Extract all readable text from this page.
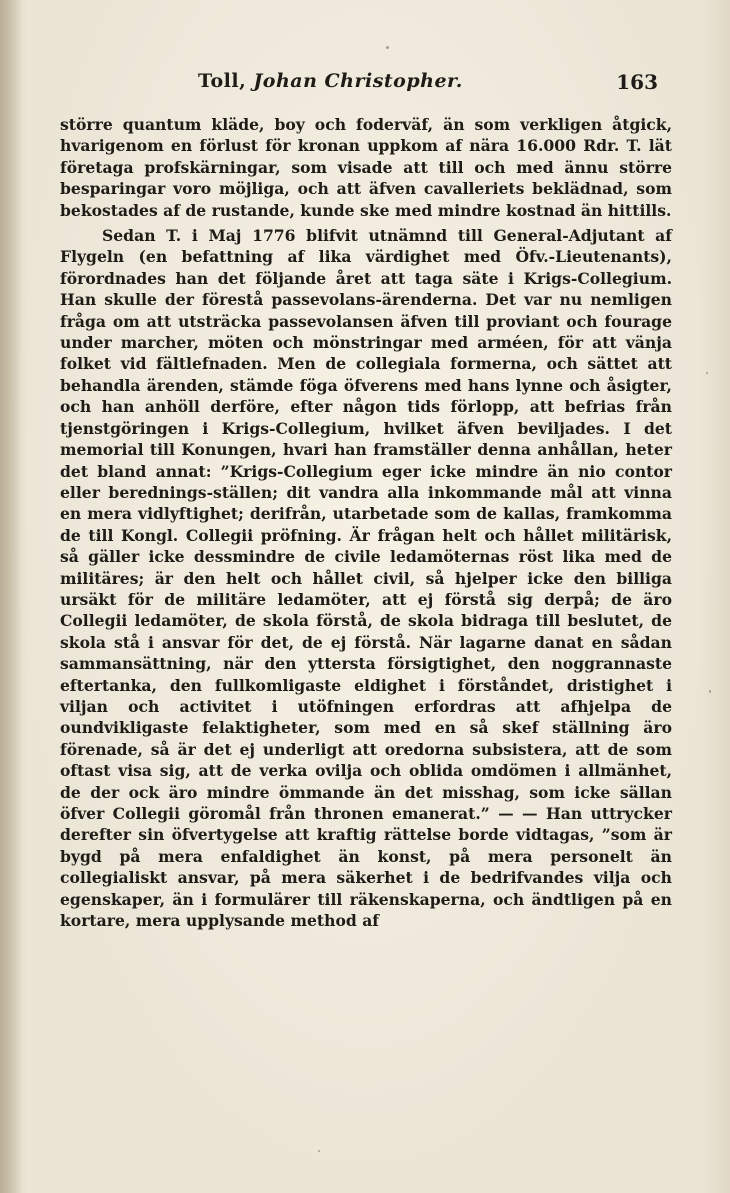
Toll, Johan Christopher.	163

större quantum kläde, boy och foderväf, än som verkligen åtgick, hvarigenom en förlust för kronan uppkom af nära 16.000 Rdr. T. lät företaga profskärningar, som visade att till och med ännu större besparingar voro möjliga, och att äfven cavalleriets beklädnad, som bekostades af de rustande, kunde ske med mindre kostnad än hittills.

Sedan T. i Maj 1776 blifvit utnämnd till General-Adjutant af Flygeln (en befattning af lika värdighet med Öfv.-Lieutenants), förordnades han det följande året att taga säte i Krigs-Collegium. Han skulle der förestå passevolans-ärenderna. Det var nu nemligen fråga om att utsträcka passevolansen äfven till proviant och fourage under marcher, möten och mönstringar med arméen, för att vänja folket vid fältlefnaden. Men de collegiala formerna, och sättet att behandla ärenden, stämde föga öfverens med hans lynne och åsigter, och han anhöll derföre, efter någon tids förlopp, att befrias från tjenstgöringen i Krigs-Collegium, hvilket äfven beviljades. I det memorial till Konungen, hvari han framställer denna anhållan, heter det bland annat: ”Krigs-Collegium eger icke mindre än nio contor eller berednings-ställen; dit vandra alla inkommande mål att vinna en mera vidlyftighet; derifrån, utarbetade som de kallas, framkomma de till Kongl. Collegii pröfning. Är frågan helt och hållet militärisk, så gäller icke dessmindre de civile ledamöternas röst lika med de militäres; är den helt och hållet civil, så hjelper icke den billiga ursäkt för de militäre ledamöter, att ej förstå sig derpå; de äro Collegii ledamöter, de skola förstå, de skola bidraga till beslutet, de skola stå i ansvar för det, de ej förstå. När lagarne danat en sådan sammansättning, när den yttersta försigtighet, den noggrannaste eftertanka, den fullkomligaste eldighet i förståndet, dristighet i viljan och activitet i utöfningen erfordras att afhjelpa de oundvikligaste felaktigheter, som med en så skef ställning äro förenade, så är det ej underligt att oredorna subsistera, att de som oftast visa sig, att de verka ovilja och oblida omdömen i allmänhet, de der ock äro mindre ömmande än det misshag, som icke sällan öfver Collegii göromål från thronen emanerat.” — — Han uttrycker derefter sin öfvertygelse att kraftig rättelse borde vidtagas, ”som är bygd på mera enfaldighet än konst, på mera personelt än collegialiskt ansvar, på mera säkerhet i de bedrifvandes vilja och egenskaper, än i formulärer till räkenskaperna, och ändtligen på en kortare, mera upplysande method af
